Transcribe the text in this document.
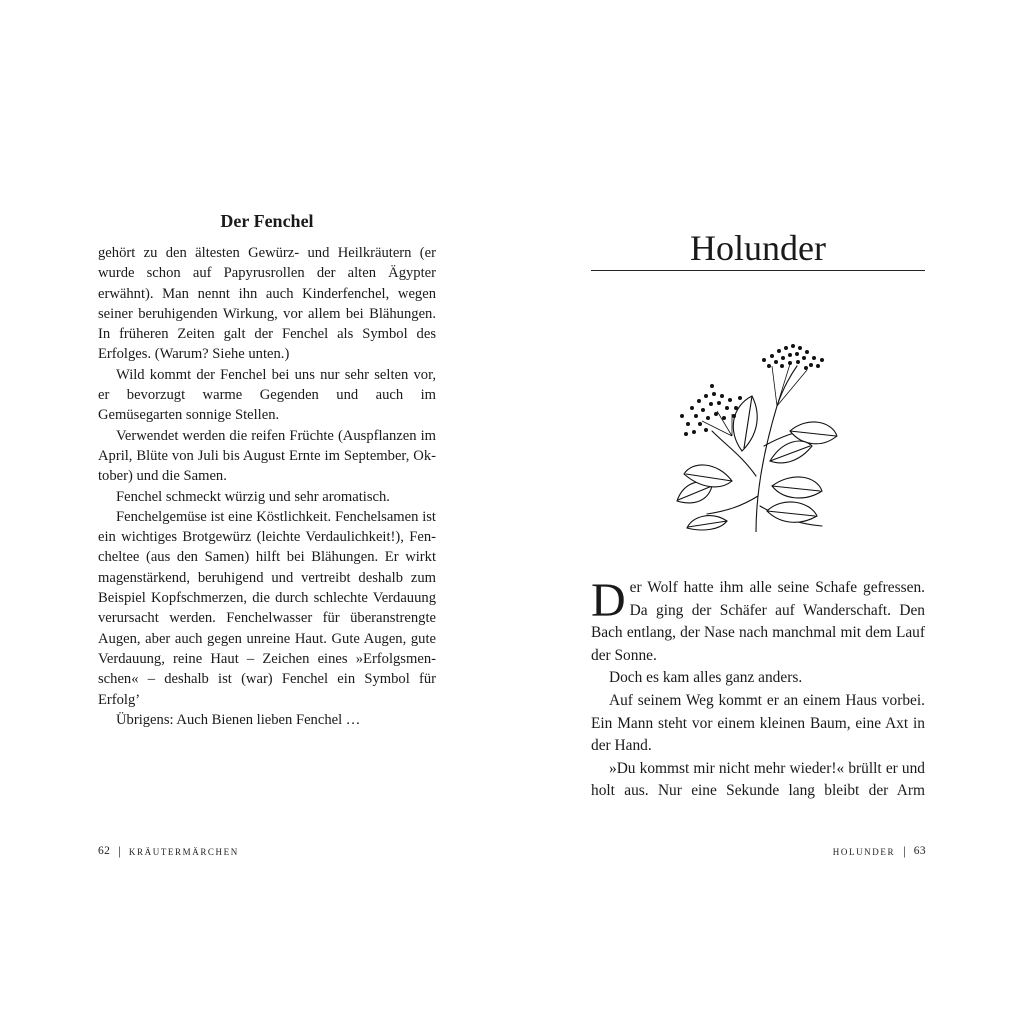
Der Fenchel

gehört zu den ältesten Gewürz- und Heilkräutern (er wurde schon auf Papyrusrollen der alten Ägypter erwähnt). Man nennt ihn auch Kinderfenchel, wegen seiner beruhigenden Wirkung, vor allem bei Blähungen. In früheren Zeiten galt der Fenchel als Symbol des Erfolges. (Warum? Siehe unten.)

Wild kommt der Fenchel bei uns nur sehr selten vor, er bevorzugt warme Gegenden und auch im Gemüsegarten sonnige Stellen.

Verwendet werden die reifen Früchte (Auspflanzen im April, Blüte von Juli bis August Ernte im September, Oktober) und die Samen.

Fenchel schmeckt würzig und sehr aromatisch.

Fenchelgemüse ist eine Köstlichkeit. Fenchelsamen ist ein wichtiges Brotgewürz (leichte Verdaulichkeit!), Fencheltee (aus den Samen) hilft bei Blähungen. Er wirkt magenstärkend, beruhigend und vertreibt deshalb zum Beispiel Kopfschmerzen, die durch schlechte Verdauung verursacht werden. Fenchelwasser für überanstrengte Augen, aber auch gegen unreine Haut. Gute Augen, gute Verdauung, reine Haut – Zeichen eines »Erfolgsmenschen« – deshalb ist (war) Fenchel ein Symbol für Erfolg’

Übrigens: Auch Bienen lieben Fenchel …

62 | kräutermärchen
Holunder

Der Wolf hatte ihm alle seine Schafe gefressen. Da ging der Schäfer auf Wanderschaft. Den Bach entlang, der Nase nach manchmal mit dem Lauf der Sonne.

Doch es kam alles ganz anders.

Auf seinem Weg kommt er an einem Haus vorbei. Ein Mann steht vor einem kleinen Baum, eine Axt in der Hand.

»Du kommst mir nicht mehr wieder!« brüllt er und holt aus. Nur eine Sekunde lang bleibt der Arm

holunder | 63
